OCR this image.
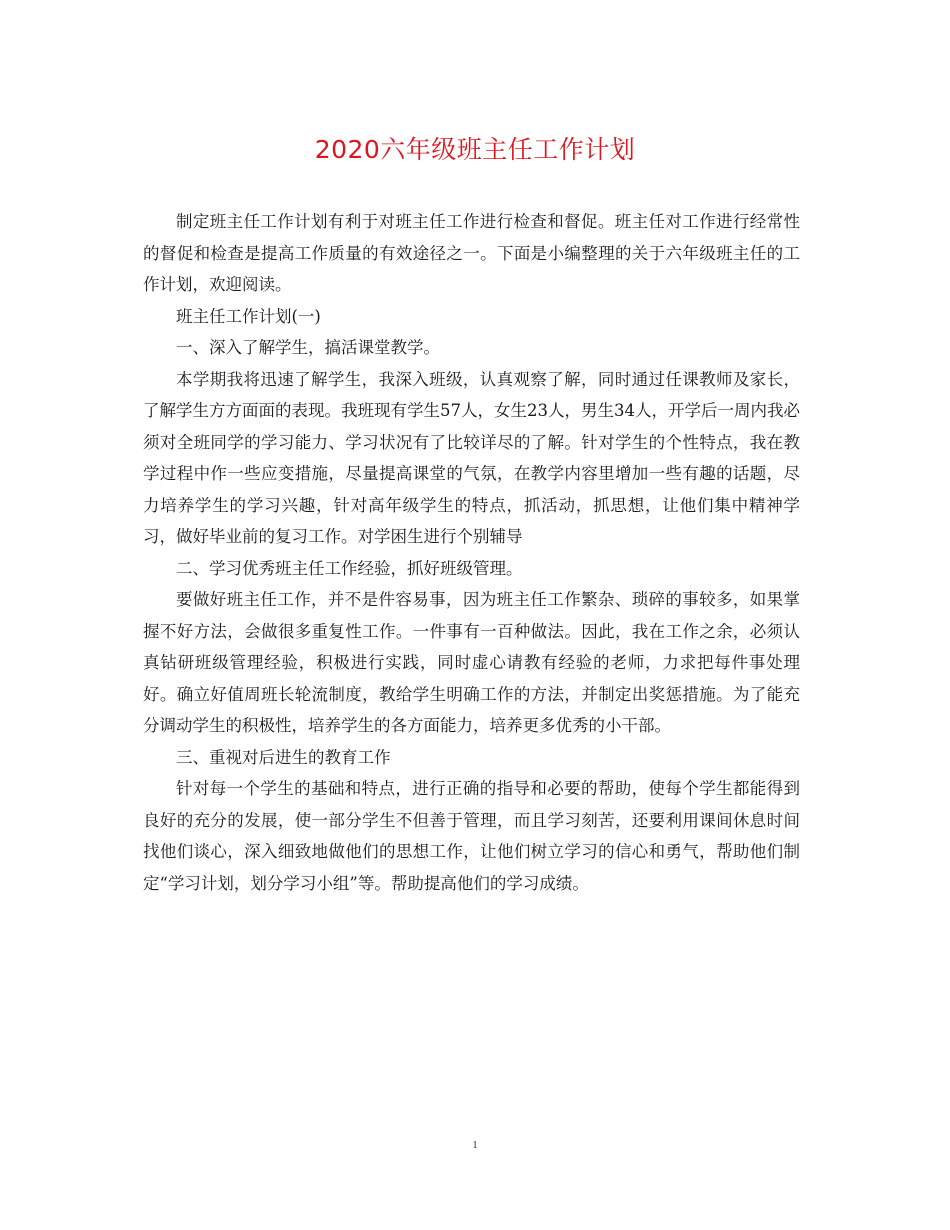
2020六年级班主任工作计划

制定班主任工作计划有利于对班主任工作进行检查和督促。班主任对工作进行经常性的督促和检查是提高工作质量的有效途径之一。下面是小编整理的关于六年级班主任的工作计划，欢迎阅读。

班主任工作计划(一)

一、深入了解学生，搞活课堂教学。

本学期我将迅速了解学生，我深入班级，认真观察了解，同时通过任课教师及家长，了解学生方方面面的表现。我班现有学生57人，女生23人，男生34人，开学后一周内我必须对全班同学的学习能力、学习状况有了比较详尽的了解。针对学生的个性特点，我在教学过程中作一些应变措施，尽量提高课堂的气氛，在教学内容里增加一些有趣的话题，尽力培养学生的学习兴趣，针对高年级学生的特点，抓活动，抓思想，让他们集中精神学习，做好毕业前的复习工作。对学困生进行个别辅导

二、学习优秀班主任工作经验，抓好班级管理。

要做好班主任工作，并不是件容易事，因为班主任工作繁杂、琐碎的事较多，如果掌握不好方法，会做很多重复性工作。一件事有一百种做法。因此，我在工作之余，必须认真钻研班级管理经验，积极进行实践，同时虚心请教有经验的老师，力求把每件事处理好。确立好值周班长轮流制度，教给学生明确工作的方法，并制定出奖惩措施。为了能充分调动学生的积极性，培养学生的各方面能力，培养更多优秀的小干部。

三、重视对后进生的教育工作

针对每一个学生的基础和特点，进行正确的指导和必要的帮助，使每个学生都能得到良好的充分的发展，使一部分学生不但善于管理，而且学习刻苦，还要利用课间休息时间找他们谈心，深入细致地做他们的思想工作，让他们树立学习的信心和勇气，帮助他们制定“学习计划，划分学习小组”等。帮助提高他们的学习成绩。

1
